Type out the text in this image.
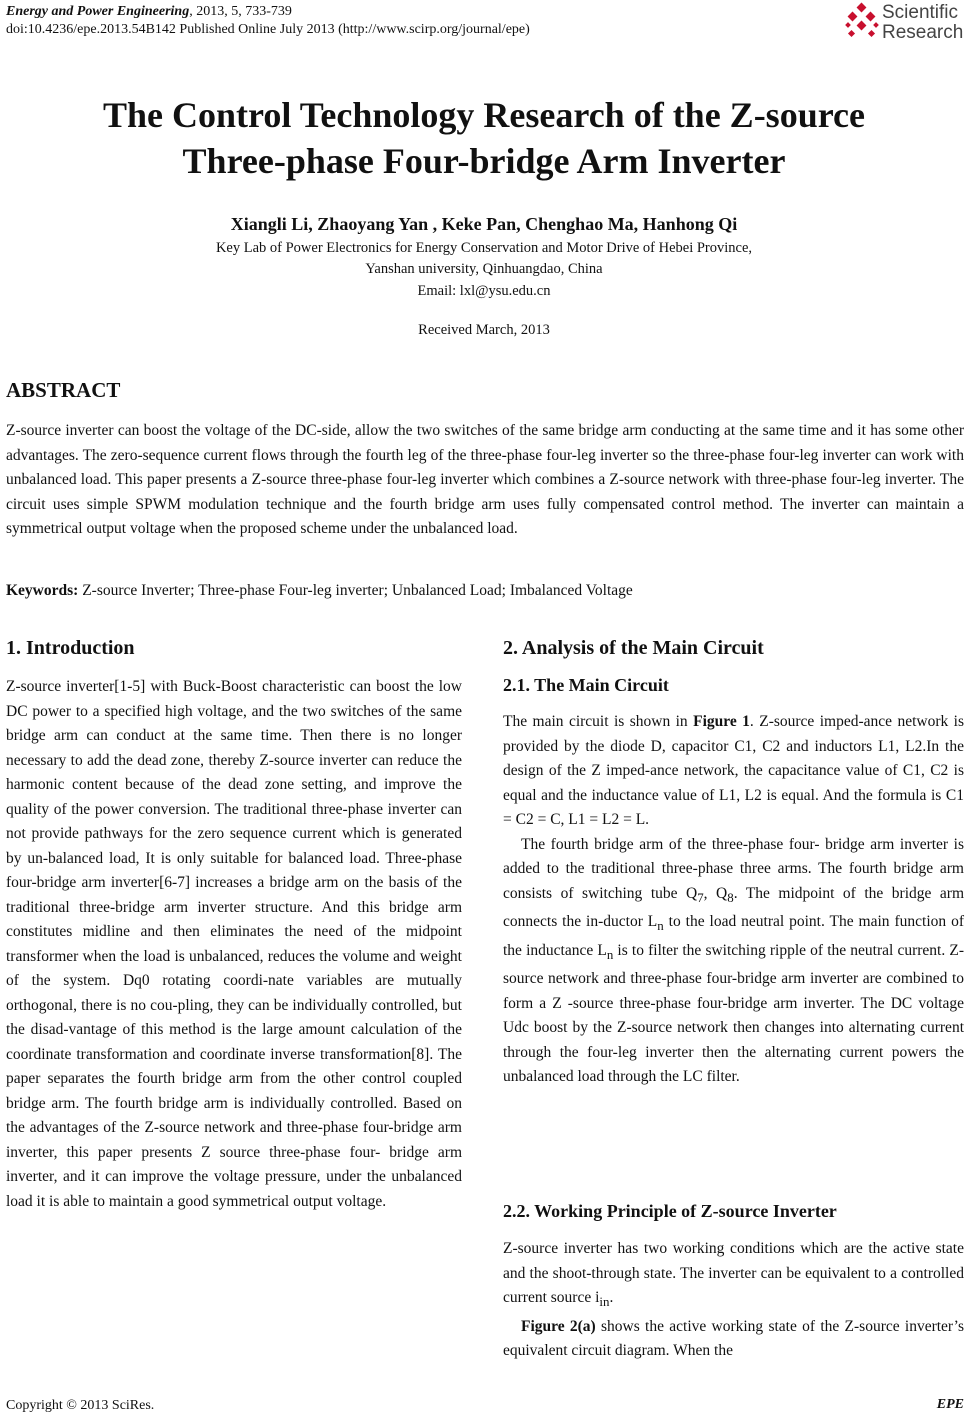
Energy and Power Engineering, 2013, 5, 733-739
doi:10.4236/epe.2013.54B142 Published Online July 2013 (http://www.scirp.org/journal/epe)
Scientific
Research
The Control Technology Research of the Z-source
Three-phase Four-bridge Arm Inverter
Xiangli Li, Zhaoyang Yan , Keke Pan, Chenghao Ma, Hanhong Qi
Key Lab of Power Electronics for Energy Conservation and Motor Drive of Hebei Province,
Yanshan university, Qinhuangdao, China
Email: lxl@ysu.edu.cn
Received March, 2013
ABSTRACT
Z-source inverter can boost the voltage of the DC-side, allow the two switches of the same bridge arm conducting at the same time and it has some other advantages. The zero-sequence current flows through the fourth leg of the three-phase four-leg inverter so the three-phase four-leg inverter can work with unbalanced load. This paper presents a Z-source three-phase four-leg inverter which combines a Z-source network with three-phase four-leg inverter. The circuit uses simple SPWM modulation technique and the fourth bridge arm uses fully compensated control method. The inverter can maintain a symmetrical output voltage when the proposed scheme under the unbalanced load.
Keywords: Z-source Inverter; Three-phase Four-leg inverter; Unbalanced Load; Imbalanced Voltage
1. Introduction	2. Analysis of the Main Circuit
2.1. The Main Circuit
2.2. Working Principle of Z-source Inverter
Z-source inverter[1-5] with Buck-Boost characteristic can boost the low DC power to a specified high voltage, and the two switches of the same bridge arm can conduct at the same time. Then there is no longer necessary to add the dead zone, thereby Z-source inverter can reduce the harmonic content because of the dead zone setting, and improve the quality of the power conversion. The traditional three-phase inverter can not provide pathways for the zero sequence current which is generated by un-balanced load, It is only suitable for balanced load. Three-phase four-bridge arm inverter[6-7] increases a bridge arm on the basis of the traditional three-bridge arm inverter structure. And this bridge arm constitutes midline and then eliminates the need of the midpoint transformer when the load is unbalanced, reduces the volume and weight of the system. Dq0 rotating coordi-nate variables are mutually orthogonal, there is no cou-pling, they can be individually controlled, but the disad-vantage of this method is the large amount calculation of the coordinate transformation and coordinate inverse transformation[8]. The paper separates the fourth bridge arm from the other control coupled bridge arm. The fourth bridge arm is individually controlled. Based on the advantages of the Z-source network and three-phase four-bridge arm inverter, this paper presents Z source three-phase four- bridge arm inverter, and it can improve the voltage pressure, under the unbalanced load it is able to maintain a good symmetrical output voltage.
The main circuit is shown in Figure 1. Z-source imped-ance network is provided by the diode D, capacitor C1, C2 and inductors L1, L2.In the design of the Z imped-ance network, the capacitance value of C1, C2 is equal and the inductance value of L1, L2 is equal. And the formula is C1 = C2 = C, L1 = L2 = L.
The fourth bridge arm of the three-phase four- bridge arm inverter is added to the traditional three-phase three arms. The fourth bridge arm consists of switching tube $Q_7$, $Q_8$. The midpoint of the bridge arm connects the in-ductor $L_n$ to the load neutral point. The main function of the inductance $L_n$ is to filter the switching ripple of the neutral current. Z-source network and three-phase four-bridge arm inverter are combined to form a Z -source three-phase four-bridge arm inverter. The DC voltage Udc boost by the Z-source network then changes into alternating current through the four-leg inverter then the alternating current powers the unbalanced load through the LC filter.
Z-source inverter has two working conditions which are the active state and the shoot-through state. The inverter can be equivalent to a controlled current source $i_{in}$.
Figure 2(a) shows the active working state of the Z-source inverter’s equivalent circuit diagram. When the
Copyright © 2013 SciRes.	EPE
